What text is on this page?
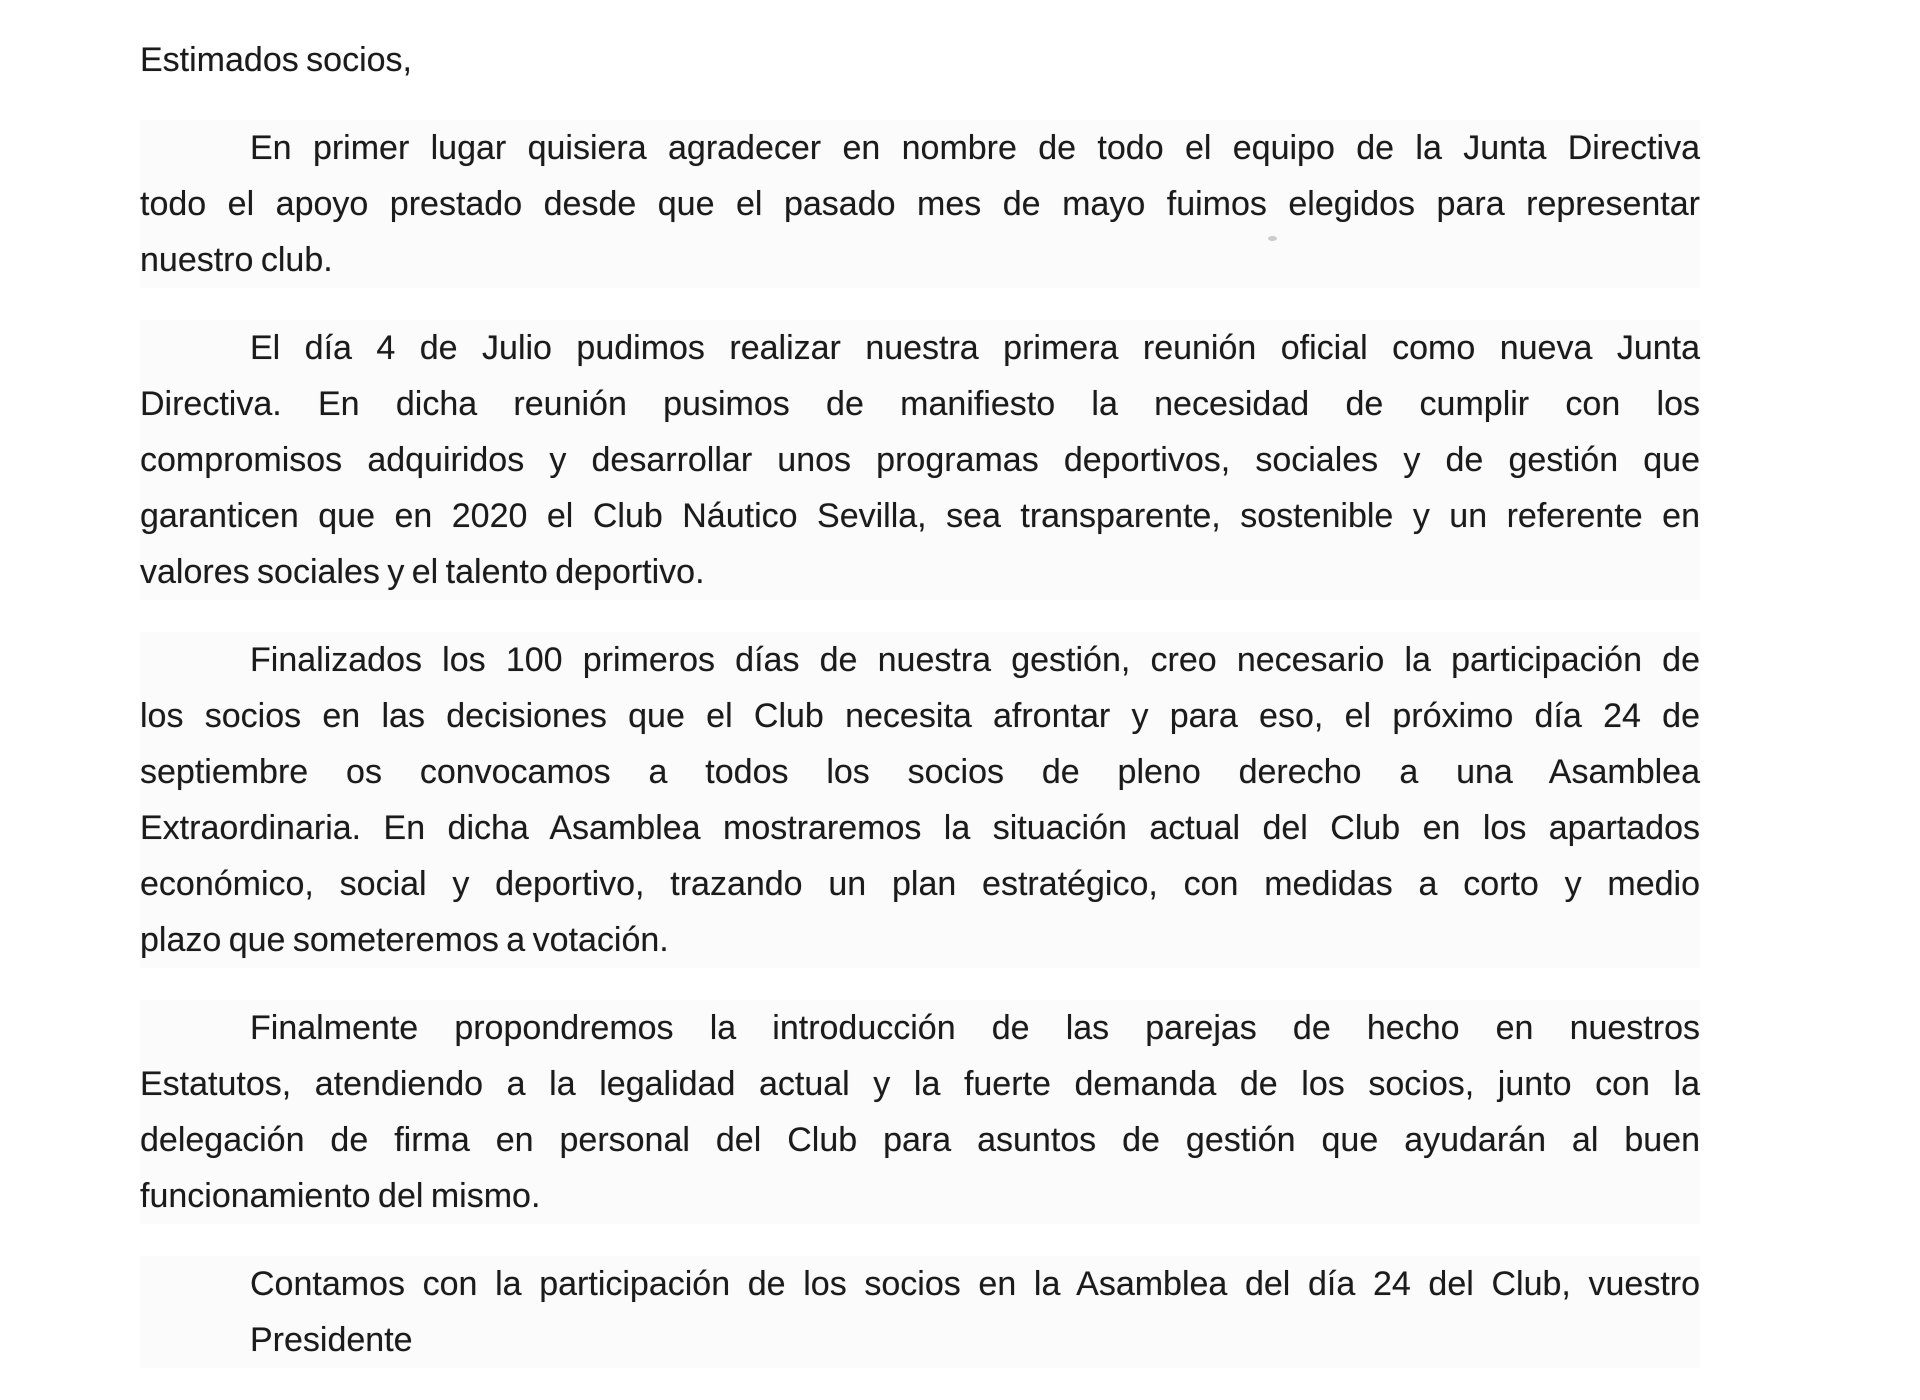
Estimados socios,
En primer lugar quisiera agradecer en nombre de todo el equipo de la Junta Directiva
todo el apoyo prestado desde que el pasado mes de mayo fuimos elegidos para representar
nuestro club.
El día 4 de Julio pudimos realizar nuestra primera reunión oficial como nueva Junta
Directiva. En dicha reunión pusimos de manifiesto la necesidad de cumplir con los
compromisos adquiridos y desarrollar unos programas deportivos, sociales y de gestión que
garanticen que en 2020 el Club Náutico Sevilla, sea transparente, sostenible y un referente en
valores sociales y el talento deportivo.
Finalizados los 100 primeros días de nuestra gestión, creo necesario la participación de
los socios en las decisiones que el Club necesita afrontar y para eso, el próximo día 24 de
septiembre os convocamos a todos los socios de pleno derecho a una Asamblea
Extraordinaria. En dicha Asamblea mostraremos la situación actual del Club en los apartados
económico, social y deportivo, trazando un plan estratégico, con medidas a corto y medio
plazo que someteremos a votación.
Finalmente propondremos la introducción de las parejas de hecho en nuestros
Estatutos, atendiendo a la legalidad actual y la fuerte demanda de los socios, junto con la
delegación de firma en personal del Club para asuntos de gestión que ayudarán al buen
funcionamiento del mismo.
Contamos con la participación de los socios en la Asamblea del día 24 del Club, vuestro Presidente
